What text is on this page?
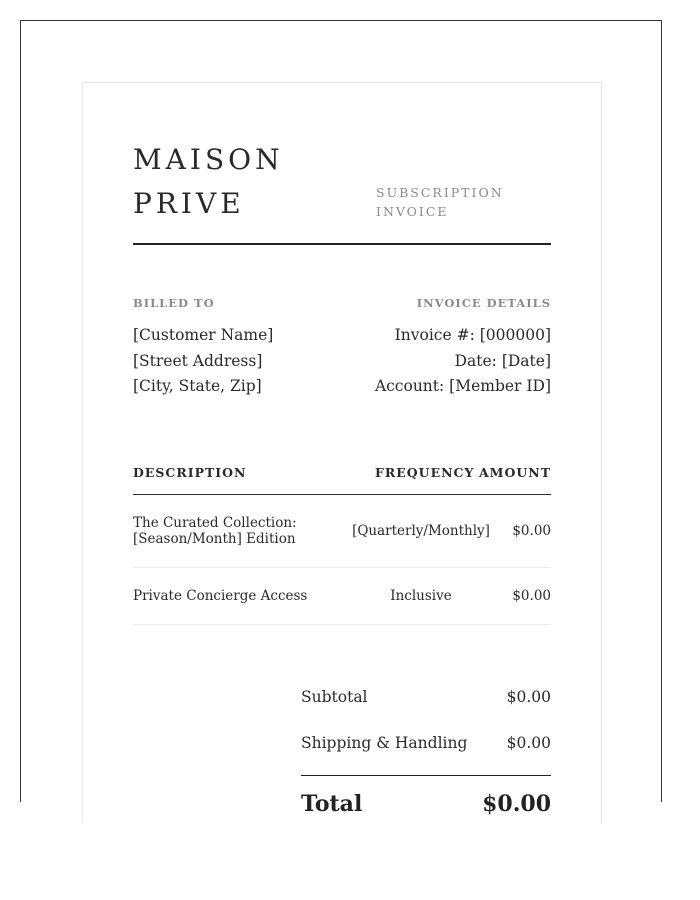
MAISON
PRIVE	SUBSCRIPTION
INVOICE
BILLED TO
[Customer Name]
[Street Address]
[City, State, Zip]
INVOICE DETAILS
Invoice #: [000000]
Date: [Date]
Account: [Member ID]
DESCRIPTION	FREQUENCY AMOUNT
The Curated Collection:
[Season/Month] Edition	[Quarterly/Monthly]	$0.00
Private Concierge Access	Inclusive	$0.00
Subtotal	$0.00
Shipping & Handling	$0.00
Total	$0.00
